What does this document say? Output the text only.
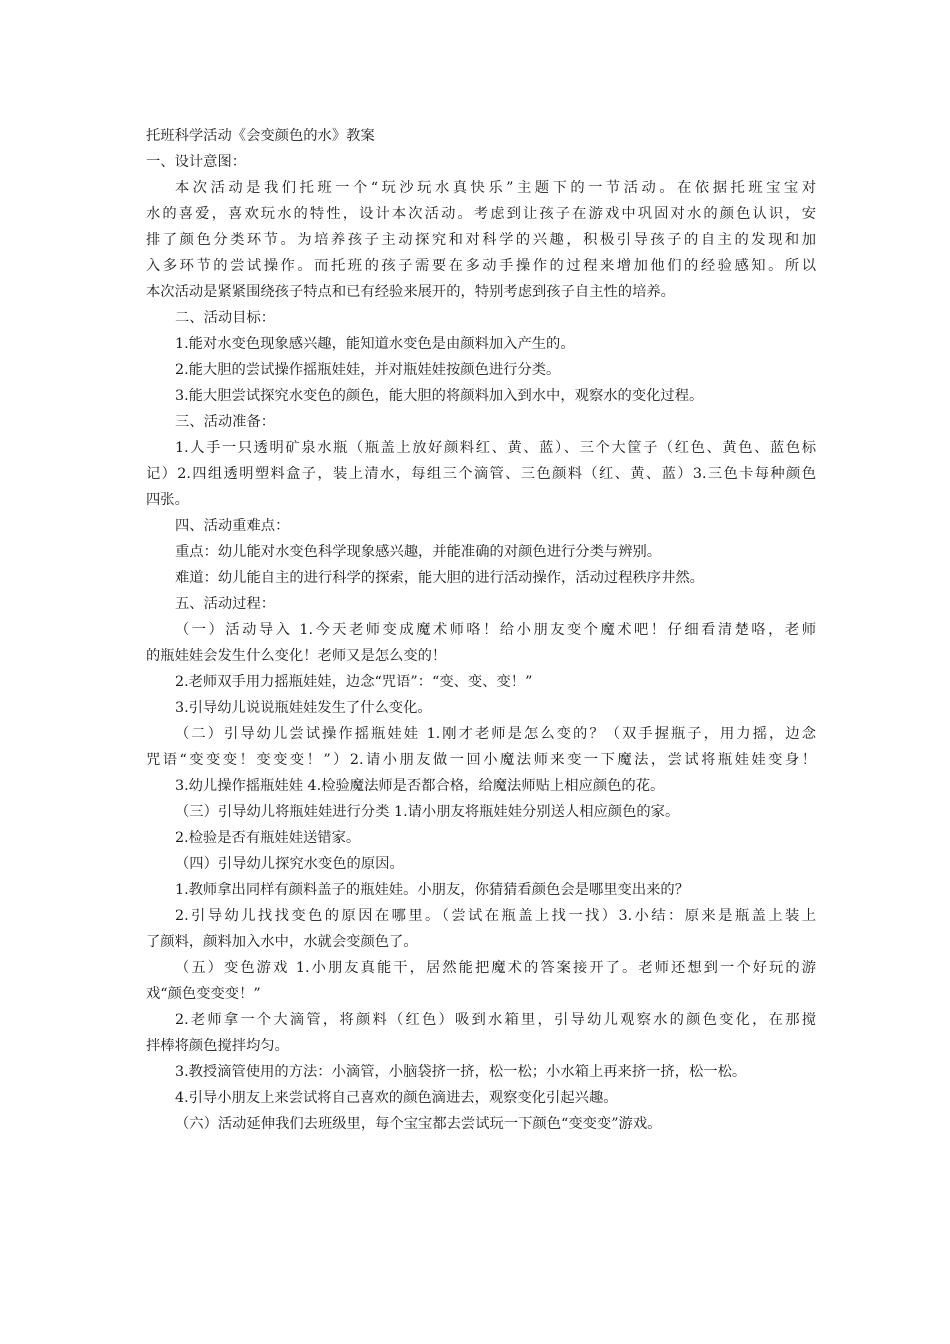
托班科学活动《会变颜色的水》教案
一、设计意图：
本次活动是我们托班一个“玩沙玩水真快乐”主题下的一节活动。在依据托班宝宝对
水的喜爱，喜欢玩水的特性，设计本次活动。考虑到让孩子在游戏中巩固对水的颜色认识，安
排了颜色分类环节。为培养孩子主动探究和对科学的兴趣，积极引导孩子的自主的发现和加
入多环节的尝试操作。而托班的孩子需要在多动手操作的过程来增加他们的经验感知。所以
本次活动是紧紧围绕孩子特点和已有经验来展开的，特别考虑到孩子自主性的培养。
二、活动目标：
1.能对水变色现象感兴趣，能知道水变色是由颜料加入产生的。
2.能大胆的尝试操作摇瓶娃娃，并对瓶娃娃按颜色进行分类。
3.能大胆尝试探究水变色的颜色，能大胆的将颜料加入到水中，观察水的变化过程。
三、活动准备：
1.人手一只透明矿泉水瓶（瓶盖上放好颜料红、黄、蓝）、三个大筐子（红色、黄色、蓝色标
记）2.四组透明塑料盒子，装上清水，每组三个滴管、三色颜料（红、黄、蓝）3.三色卡每种颜色
四张。
四、活动重难点：
重点：幼儿能对水变色科学现象感兴趣，并能准确的对颜色进行分类与辨别。
难道：幼儿能自主的进行科学的探索，能大胆的进行活动操作，活动过程秩序井然。
五、活动过程：
（一）活动导入 1.今天老师变成魔术师咯！给小朋友变个魔术吧！仔细看清楚咯，老师
的瓶娃娃会发生什么变化！老师又是怎么变的！
2.老师双手用力摇瓶娃娃，边念“咒语”：“变、变、变！”
3.引导幼儿说说瓶娃娃发生了什么变化。
（二）引导幼儿尝试操作摇瓶娃娃 1.刚才老师是怎么变的？（双手握瓶子，用力摇，边念
咒语“变变变！变变变！”）2.请小朋友做一回小魔法师来变一下魔法，尝试将瓶娃娃变身！
3.幼儿操作摇瓶娃娃 4.检验魔法师是否都合格，给魔法师贴上相应颜色的花。
（三）引导幼儿将瓶娃娃进行分类 1.请小朋友将瓶娃娃分别送人相应颜色的家。
2.检验是否有瓶娃娃送错家。
（四）引导幼儿探究水变色的原因。
1.教师拿出同样有颜料盖子的瓶娃娃。小朋友，你猜猜看颜色会是哪里变出来的？
2.引导幼儿找找变色的原因在哪里。（尝试在瓶盖上找一找）3.小结：原来是瓶盖上装上
了颜料，颜料加入水中，水就会变颜色了。
（五）变色游戏 1.小朋友真能干，居然能把魔术的答案接开了。老师还想到一个好玩的游
戏“颜色变变变！”
2.老师拿一个大滴管，将颜料（红色）吸到水箱里，引导幼儿观察水的颜色变化，在那搅
拌棒将颜色搅拌均匀。
3.教授滴管使用的方法：小滴管，小脑袋挤一挤，松一松；小水箱上再来挤一挤，松一松。
4.引导小朋友上来尝试将自己喜欢的颜色滴进去，观察变化引起兴趣。
（六）活动延伸我们去班级里，每个宝宝都去尝试玩一下颜色“变变变”游戏。
